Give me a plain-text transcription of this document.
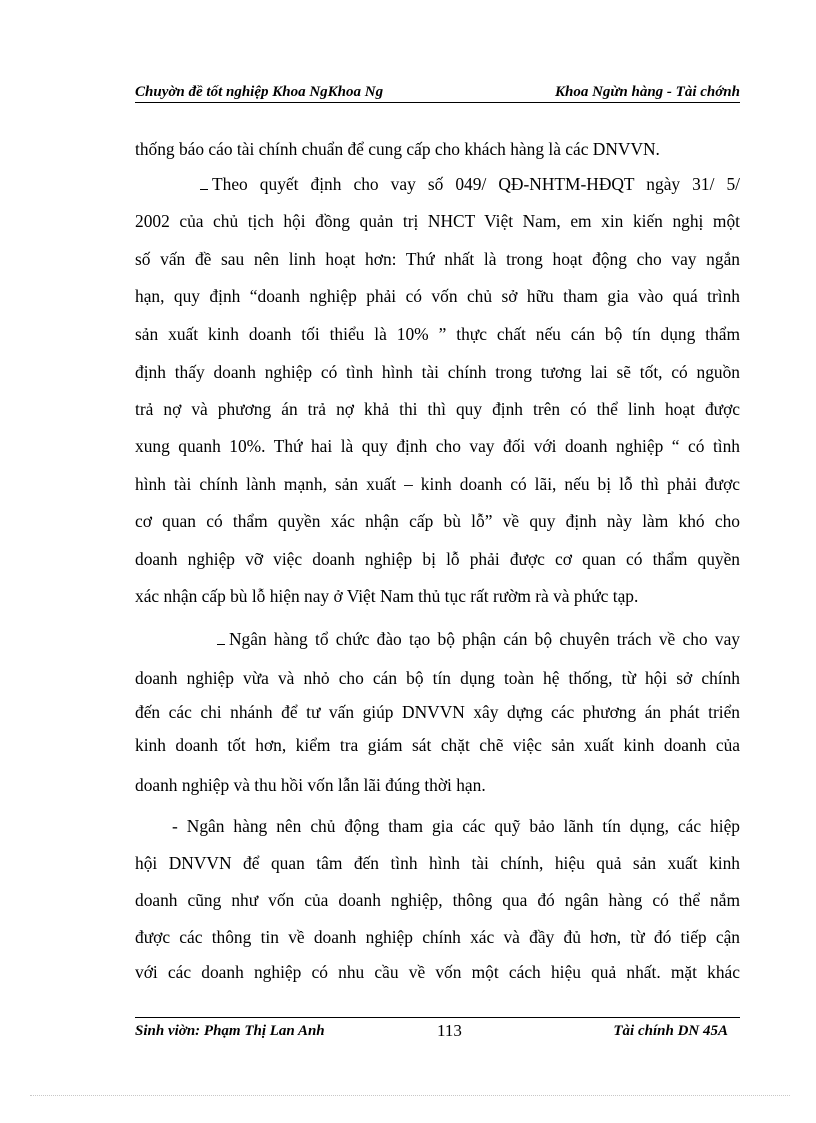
Chuyờn đề tốt nghiệp Khoa NgKhoa Ng	Khoa Ngừn hàng - Tài chớnh
thống báo cáo tài chính chuẩn để cung cấp cho khách hàng là các DNVVN.
Theo quyết định cho vay số 049/ QĐ-NHTM-HĐQT ngày 31/ 5/
2002 của chủ tịch hội đồng quản trị NHCT Việt Nam, em xin kiến nghị một
số vấn đề sau nên linh hoạt hơn: Thứ nhất là trong hoạt động cho vay ngắn
hạn, quy định “doanh nghiệp phải có vốn chủ sở hữu tham gia vào quá trình
sản xuất kinh doanh tối thiểu là 10% ” thực chất nếu cán bộ tín dụng thẩm
định thấy doanh nghiệp có tình hình tài chính trong tương lai sẽ tốt, có nguồn
trả nợ và phương án trả nợ khả thi thì quy định trên có thể linh hoạt được
xung quanh 10%. Thứ hai là quy định cho vay đối với doanh nghiệp “ có tình
hình tài chính lành mạnh, sản xuất – kinh doanh có lãi, nếu bị lỗ thì phải được
cơ quan có thẩm quyền xác nhận cấp bù lỗ” về quy định này làm khó cho
doanh nghiệp vỡ việc doanh nghiệp bị lỗ phải được cơ quan có thẩm quyền
xác nhận cấp bù lỗ hiện nay ở Việt Nam thủ tục rất rườm rà và phức tạp.
Ngân hàng tổ chức đào tạo bộ phận cán bộ chuyên trách về cho vay
doanh nghiệp vừa và nhỏ cho cán bộ tín dụng toàn hệ thống, từ hội sở chính
đến các chi nhánh để tư vấn giúp DNVVN xây dựng các phương án phát triển
kinh doanh tốt hơn, kiểm tra giám sát chặt chẽ việc sản xuất kinh doanh của
doanh nghiệp và thu hồi vốn lẫn lãi đúng thời hạn.
- Ngân hàng nên chủ động tham gia các quỹ bảo lãnh tín dụng, các hiệp
hội DNVVN để quan tâm đến tình hình tài chính, hiệu quả sản xuất kinh
doanh cũng như vốn của doanh nghiệp, thông qua đó ngân hàng có thể nắm
được các thông tin về doanh nghiệp chính xác và đầy đủ hơn, từ đó tiếp cận
với các doanh nghiệp có nhu cầu về vốn một cách hiệu quả nhất. mặt khác
Sinh viờn: Phạm Thị Lan Anh	113	Tài chính DN 45A
